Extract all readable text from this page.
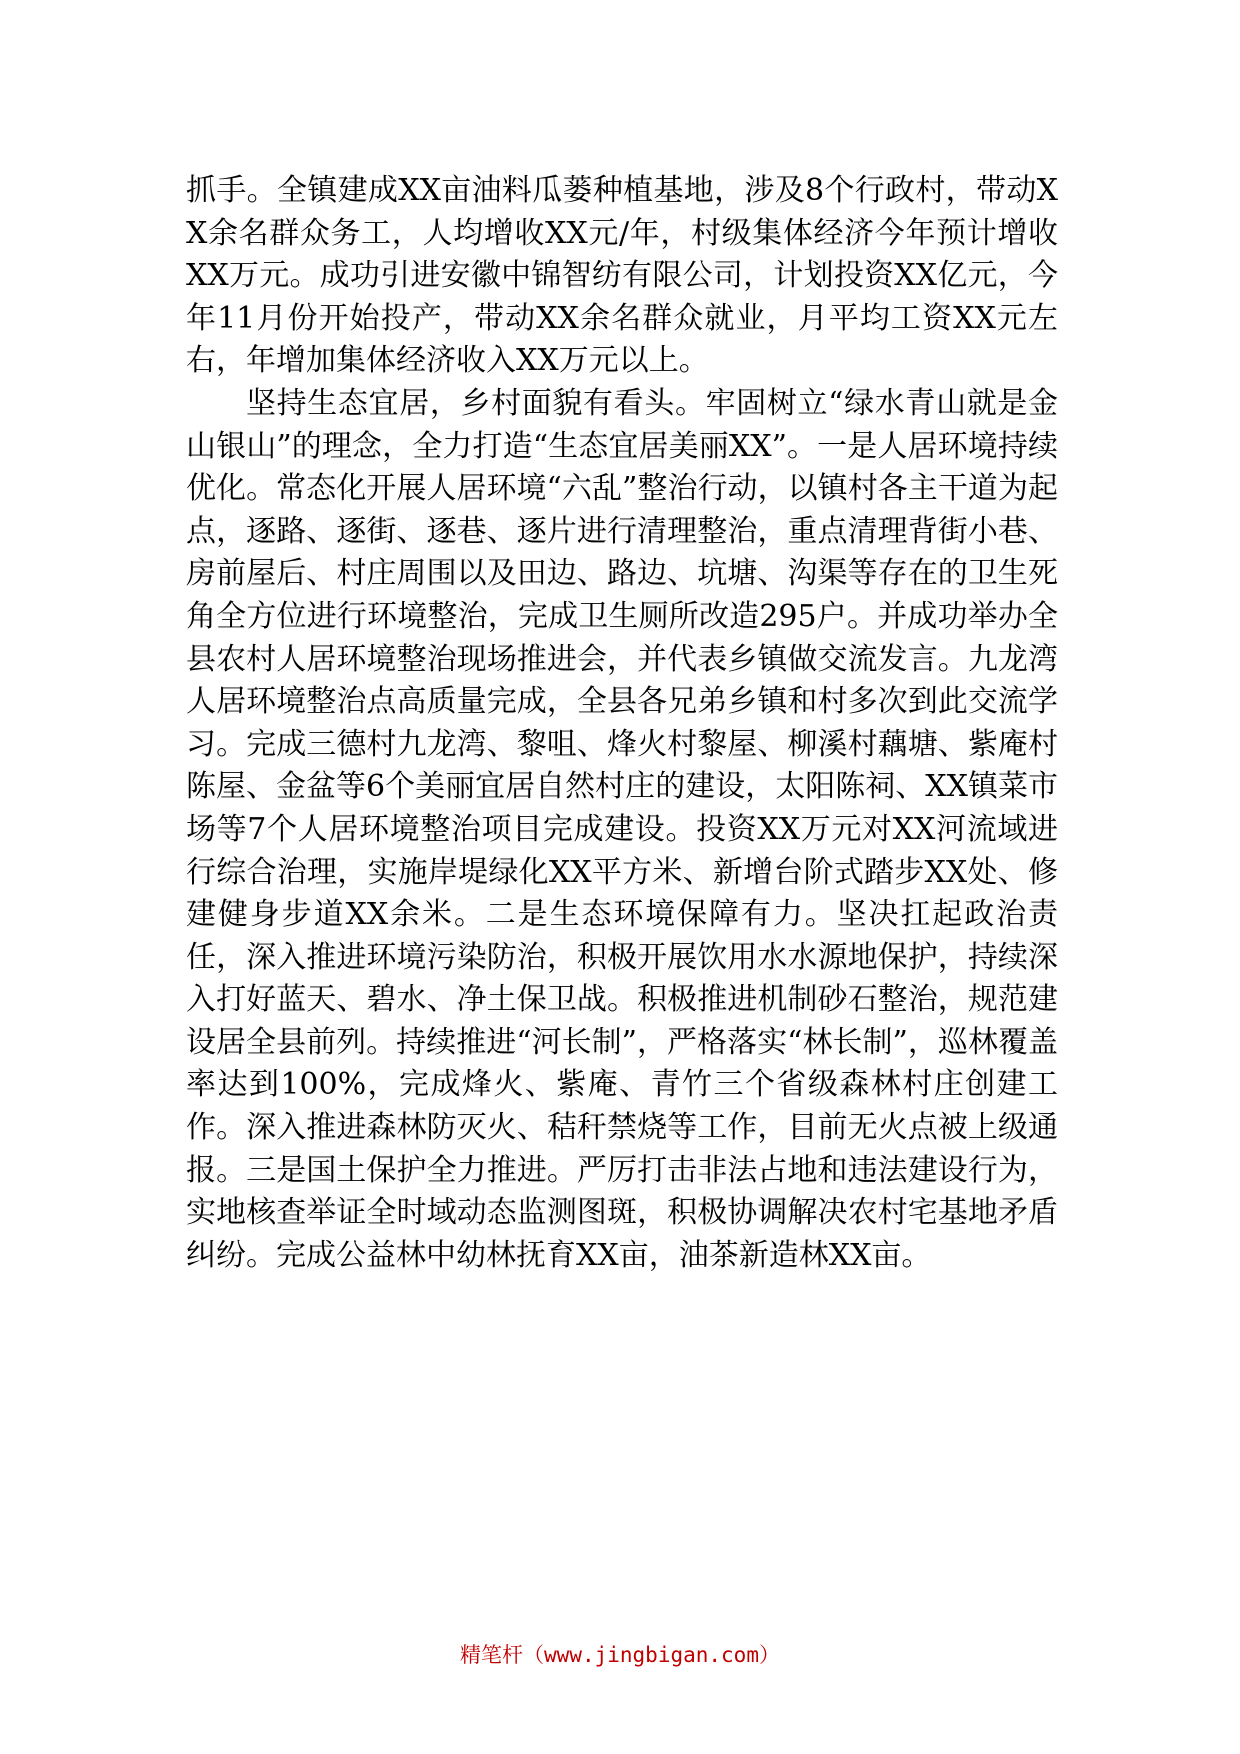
抓手。全镇建成XX亩油料瓜蒌种植基地，涉及8个行政村，带动XX余名群众务工，人均增收XX元/年，村级集体经济今年预计增收XX万元。成功引进安徽中锦智纺有限公司，计划投资XX亿元，今年11月份开始投产，带动XX余名群众就业，月平均工资XX元左右，年增加集体经济收入XX万元以上。

坚持生态宜居，乡村面貌有看头。牢固树立“绿水青山就是金山银山”的理念，全力打造“生态宜居美丽XX”。一是人居环境持续优化。常态化开展人居环境“六乱”整治行动，以镇村各主干道为起点，逐路、逐街、逐巷、逐片进行清理整治，重点清理背街小巷、房前屋后、村庄周围以及田边、路边、坑塘、沟渠等存在的卫生死角全方位进行环境整治，完成卫生厕所改造295户。并成功举办全县农村人居环境整治现场推进会，并代表乡镇做交流发言。九龙湾人居环境整治点高质量完成，全县各兄弟乡镇和村多次到此交流学习。完成三德村九龙湾、黎咀、烽火村黎屋、柳溪村藕塘、紫庵村陈屋、金盆等6个美丽宜居自然村庄的建设，太阳陈祠、XX镇菜市场等7个人居环境整治项目完成建设。投资XX万元对XX河流域进行综合治理，实施岸堤绿化XX平方米、新增台阶式踏步XX处、修建健身步道XX余米。二是生态环境保障有力。坚决扛起政治责任，深入推进环境污染防治，积极开展饮用水水源地保护，持续深入打好蓝天、碧水、净土保卫战。积极推进机制砂石整治，规范建设居全县前列。持续推进“河长制”，严格落实“林长制”，巡林覆盖率达到100%，完成烽火、紫庵、青竹三个省级森林村庄创建工作。深入推进森林防灭火、秸秆禁烧等工作，目前无火点被上级通报。三是国土保护全力推进。严厉打击非法占地和违法建设行为，实地核查举证全时域动态监测图斑，积极协调解决农村宅基地矛盾纠纷。完成公益林中幼林抚育XX亩，油茶新造林XX亩。

精笔杆（www.jingbigan.com）
